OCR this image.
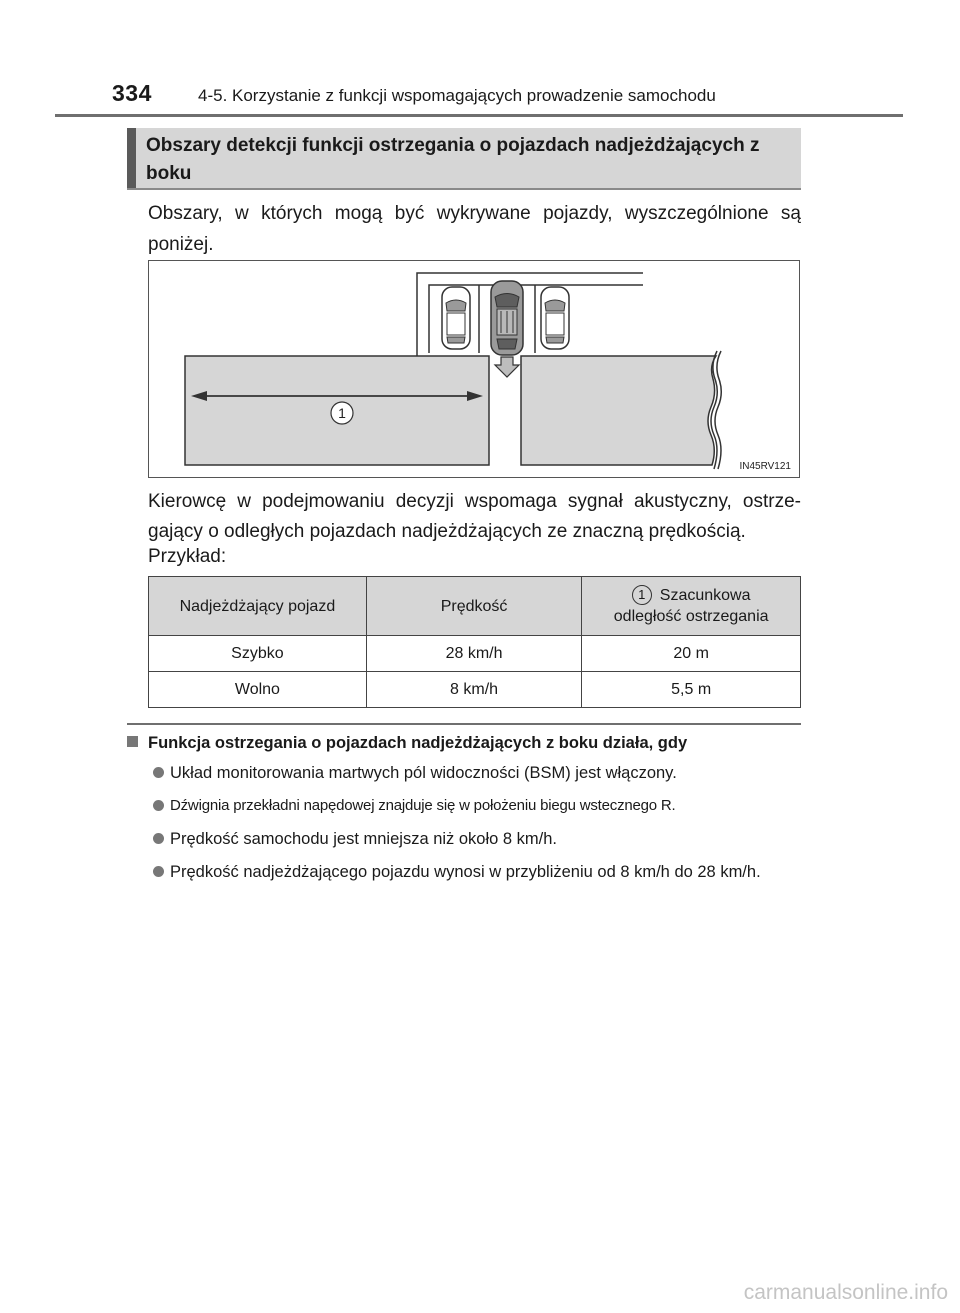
334	4-5. Korzystanie z funkcji wspomagających prowadzenie samochodu
Obszary detekcji funkcji ostrzegania o pojazdach nadjeżdżających z boku
Obszary, w których mogą być wykrywane pojazdy, wyszczególnione są poniżej.
1
IN45RV121
Kierowcę w podejmowaniu decyzji wspomaga sygnał akustyczny, ostrze-gający o odległych pojazdach nadjeżdżających ze znaczną prędkością.
Przykład:
Nadjeżdżający pojazd	Prędkość	1 Szacunkowa
odległość ostrzegania
Szybko	28 km/h	20 m
Wolno	8 km/h	5,5 m
Funkcja ostrzegania o pojazdach nadjeżdżających z boku działa, gdy
Układ monitorowania martwych pól widoczności (BSM) jest włączony.
Dźwignia przekładni napędowej znajduje się w położeniu biegu wstecznego R.
Prędkość samochodu jest mniejsza niż około 8 km/h.
Prędkość nadjeżdżającego pojazdu wynosi w przybliżeniu od 8 km/h do 28 km/h.
carmanualsonline.info
